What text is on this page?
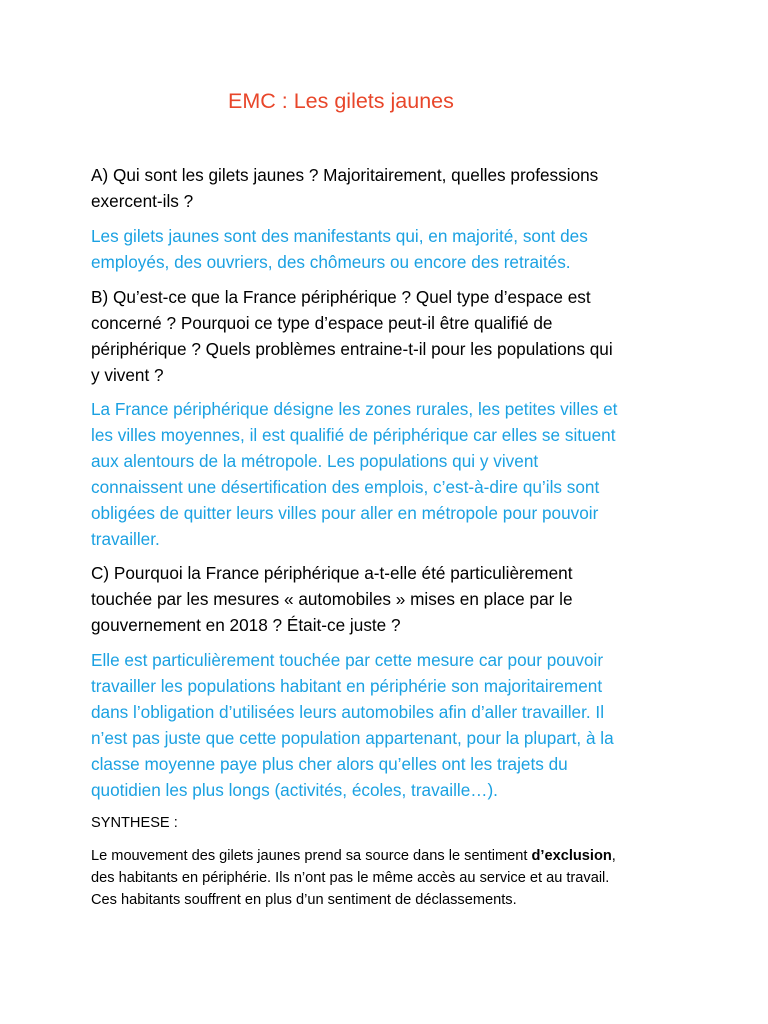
EMC : Les gilets jaunes
A) Qui sont les gilets jaunes ? Majoritairement, quelles professions
exercent-ils ?
Les gilets jaunes sont des manifestants qui, en majorité, sont des
employés, des ouvriers, des chômeurs ou encore des retraités.
B) Qu’est-ce que la France périphérique ? Quel type d’espace est
concerné ? Pourquoi ce type d’espace peut-il être qualifié de
périphérique ? Quels problèmes entraine-t-il pour les populations qui
y vivent ?
La France périphérique désigne les zones rurales, les petites villes et
les villes moyennes, il est qualifié de périphérique car elles se situent
aux alentours de la métropole. Les populations qui y vivent
connaissent une désertification des emplois, c’est-à-dire qu’ils sont
obligées de quitter leurs villes pour aller en métropole pour pouvoir
travailler.
C) Pourquoi la France périphérique a-t-elle été particulièrement
touchée par les mesures « automobiles » mises en place par le
gouvernement en 2018 ? Était-ce juste ?
Elle est particulièrement touchée par cette mesure car pour pouvoir
travailler les populations habitant en périphérie son majoritairement
dans l’obligation d’utilisées leurs automobiles afin d’aller travailler. Il
n’est pas juste que cette population appartenant, pour la plupart, à la
classe moyenne paye plus cher alors qu’elles ont les trajets du
quotidien les plus longs (activités, écoles, travaille…).
SYNTHESE :
Le mouvement des gilets jaunes prend sa source dans le sentiment d’exclusion,
des habitants en périphérie. Ils n’ont pas le même accès au service et au travail.
Ces habitants souffrent en plus d’un sentiment de déclassements.
